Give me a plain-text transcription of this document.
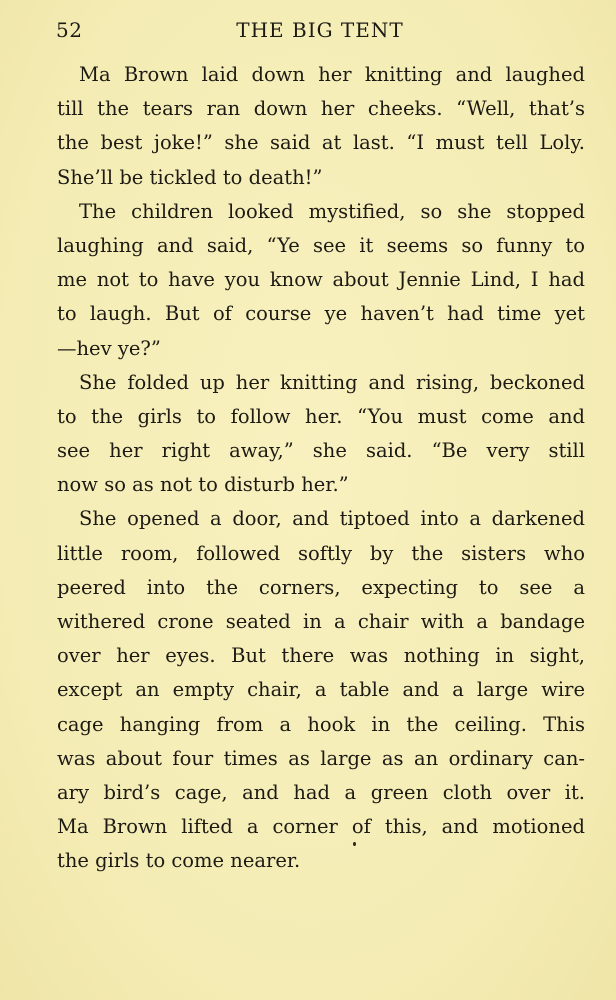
52	THE BIG TENT

Ma Brown laid down her knitting and laughed
till the tears ran down her cheeks. “Well, that’s
the best joke!” she said at last. “I must tell Loly.
She’ll be tickled to death!”

The children looked mystified, so she stopped
laughing and said, “Ye see it seems so funny to
me not to have you know about Jennie Lind, I had
to laugh. But of course ye haven’t had time yet
—hev ye?”

She folded up her knitting and rising, beckoned
to the girls to follow her. “You must come and
see her right away,” she said. “Be very still
now so as not to disturb her.”

She opened a door, and tiptoed into a darkened
little room, followed softly by the sisters who
peered into the corners, expecting to see a
withered crone seated in a chair with a bandage
over her eyes. But there was nothing in sight,
except an empty chair, a table and a large wire
cage hanging from a hook in the ceiling. This
was about four times as large as an ordinary can-
ary bird’s cage, and had a green cloth over it.
Ma Brown lifted a corner of this, and motioned
the girls to come nearer.
